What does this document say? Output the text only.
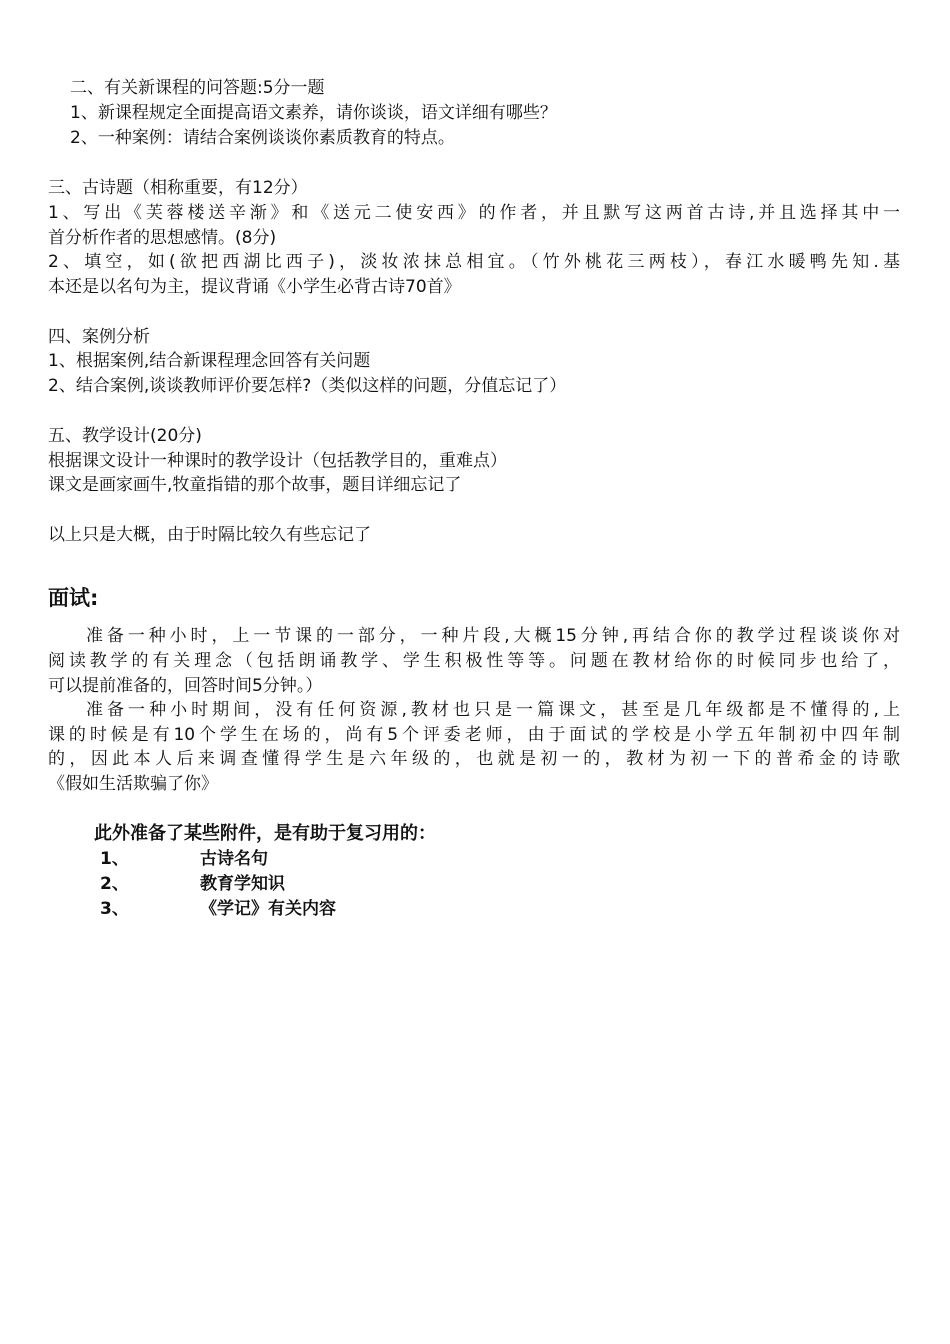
二、有关新课程的问答题:5分一题
1、新课程规定全面提高语文素养，请你谈谈，语文详细有哪些？
2、一种案例：请结合案例谈谈你素质教育的特点。
三、古诗题（相称重要，有12分）
1、写出《芙蓉楼送辛渐》和《送元二使安西》的作者，并且默写这两首古诗,并且选择其中一
首分析作者的思想感情。(8分)
2、填空，如(欲把西湖比西子)，淡妆浓抹总相宜。（竹外桃花三两枝），春江水暖鸭先知.基
本还是以名句为主，提议背诵《小学生必背古诗70首》
四、案例分析
1、根据案例,结合新课程理念回答有关问题
2、结合案例,谈谈教师评价要怎样?（类似这样的问题，分值忘记了）
五、教学设计(20分)
根据课文设计一种课时的教学设计（包括教学目的，重难点）
课文是画家画牛,牧童指错的那个故事，题目详细忘记了
以上只是大概，由于时隔比较久有些忘记了
面试:
准备一种小时，上一节课的一部分，一种片段,大概15分钟,再结合你的教学过程谈谈你对
阅读教学的有关理念（包括朗诵教学、学生积极性等等。问题在教材给你的时候同步也给了，
可以提前准备的，回答时间5分钟。）
准备一种小时期间，没有任何资源,教材也只是一篇课文，甚至是几年级都是不懂得的,上
课的时候是有10个学生在场的，尚有5个评委老师，由于面试的学校是小学五年制初中四年制
的，因此本人后来调查懂得学生是六年级的，也就是初一的，教材为初一下的普希金的诗歌
《假如生活欺骗了你》
此外准备了某些附件，是有助于复习用的：
1、	古诗名句
2、	教育学知识
3、	《学记》有关内容
